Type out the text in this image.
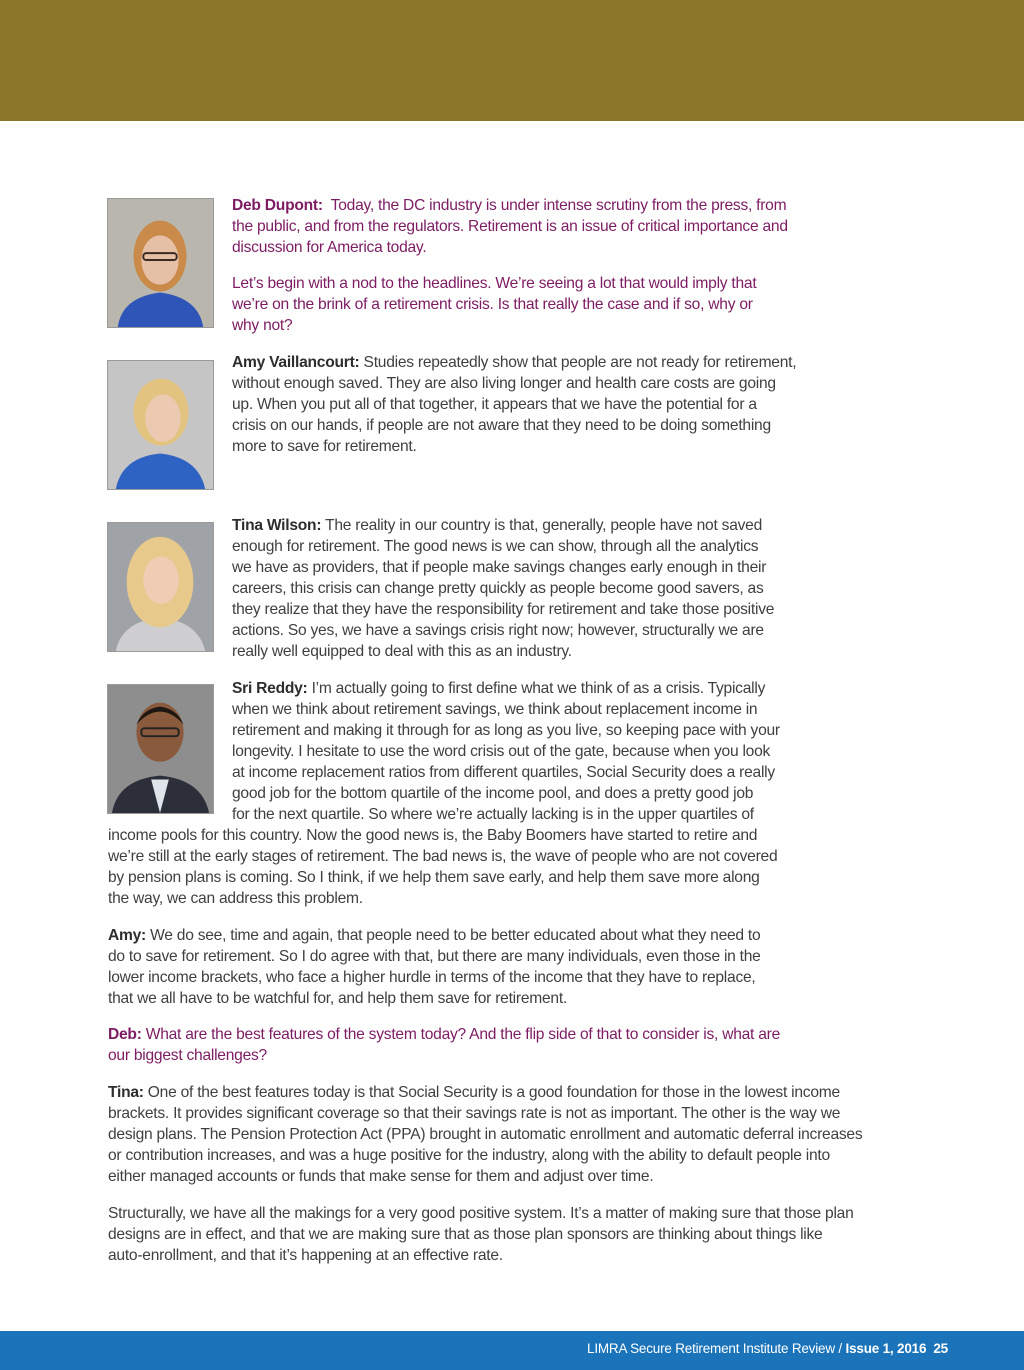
Deb Dupont:  Today, the DC industry is under intense scrutiny from the press, from
the public, and from the regulators. Retirement is an issue of critical importance and
discussion for America today.

Let’s begin with a nod to the headlines. We’re seeing a lot that would imply that
we’re on the brink of a retirement crisis. Is that really the case and if so, why or
why not?

Amy Vaillancourt: Studies repeatedly show that people are not ready for retirement,
without enough saved. They are also living longer and health care costs are going
up. When you put all of that together, it appears that we have the potential for a
crisis on our hands, if people are not aware that they need to be doing something
more to save for retirement.

Tina Wilson: The reality in our country is that, generally, people have not saved
enough for retirement. The good news is we can show, through all the analytics
we have as providers, that if people make savings changes early enough in their
careers, this crisis can change pretty quickly as people become good savers, as
they realize that they have the responsibility for retirement and take those positive
actions. So yes, we have a savings crisis right now; however, structurally we are
really well equipped to deal with this as an industry.

Sri Reddy: I’m actually going to first define what we think of as a crisis. Typically
when we think about retirement savings, we think about replacement income in
retirement and making it through for as long as you live, so keeping pace with your
longevity. I hesitate to use the word crisis out of the gate, because when you look
at income replacement ratios from different quartiles, Social Security does a really
good job for the bottom quartile of the income pool, and does a pretty good job
for the next quartile. So where we’re actually lacking is in the upper quartiles of

income pools for this country. Now the good news is, the Baby Boomers have started to retire and
we’re still at the early stages of retirement. The bad news is, the wave of people who are not covered
by pension plans is coming. So I think, if we help them save early, and help them save more along
the way, we can address this problem.

Amy: We do see, time and again, that people need to be better educated about what they need to
do to save for retirement. So I do agree with that, but there are many individuals, even those in the
lower income brackets, who face a higher hurdle in terms of the income that they have to replace,
that we all have to be watchful for, and help them save for retirement.

Deb: What are the best features of the system today? And the flip side of that to consider is, what are
our biggest challenges?

Tina: One of the best features today is that Social Security is a good foundation for those in the lowest income
brackets. It provides significant coverage so that their savings rate is not as important. The other is the way we
design plans. The Pension Protection Act (PPA) brought in automatic enrollment and automatic deferral increases
or contribution increases, and was a huge positive for the industry, along with the ability to default people into
either managed accounts or funds that make sense for them and adjust over time.

Structurally, we have all the makings for a very good positive system. It’s a matter of making sure that those plan
designs are in effect, and that we are making sure that as those plan sponsors are thinking about things like
auto-enrollment, and that it’s happening at an effective rate.

LIMRA Secure Retirement Institute Review / Issue 1, 2016 25
